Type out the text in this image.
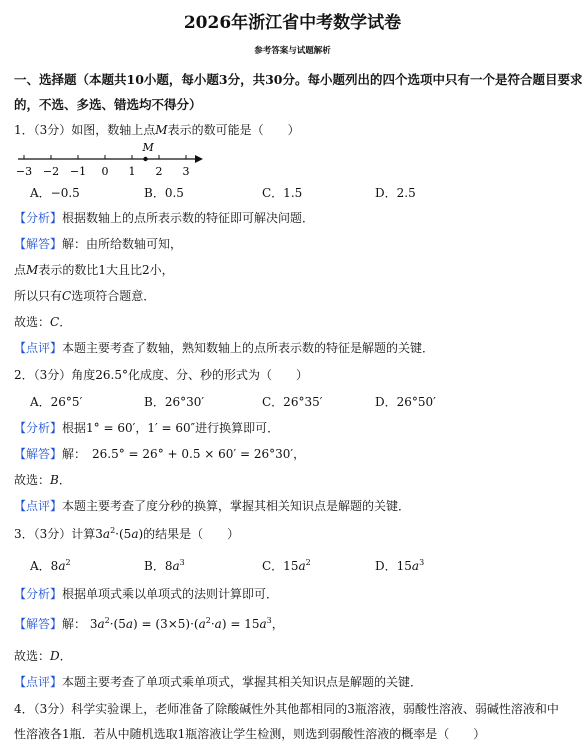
2026年浙江省中考数学试卷
参考答案与试题解析
一、选择题（本题共10小题，每小题3分，共30分。每小题列出的四个选项中只有一个是符合题目要求
的，不选、多选、错选均不得分）
1．（3分）如图，数轴上点M表示的数可能是（　　）
M
−3 −2 −1 0 1 2 3
A．−0.5	B．0.5	C．1.5	D．2.5
【分析】根据数轴上的点所表示数的特征即可解决问题．
【解答】解：由所给数轴可知，
点M表示的数比1大且比2小，
所以只有C选项符合题意．
故选：C．
【点评】本题主要考查了数轴，熟知数轴上的点所表示数的特征是解题的关键．
2．（3分）角度26.5°化成度、分、秒的形式为（　　）
A．26°5′	B．26°30′	C．26°35′	D．26°50′
【分析】根据1° = 60′，1′ = 60″进行换算即可．
【解答】解：　26.5° = 26° + 0.5 × 60′ = 26°30′，
故选：B．
【点评】本题主要考查了度分秒的换算，掌握其相关知识点是解题的关键．
3．（3分）计算$3a^2\cdot(5a)$的结果是（　　）
A．$8a^2$	B．$8a^3$	C．$15a^2$	D．$15a^3$
【分析】根据单项式乘以单项式的法则计算即可．
【解答】解： $3a^2\cdot(5a) = (3\times 5)\cdot(a^2\cdot a) = 15a^3$，
故选：D．
【点评】本题主要考查了单项式乘单项式，掌握其相关知识点是解题的关键．
4．（3分）科学实验课上，老师准备了除酸碱性外其他都相同的3瓶溶液，弱酸性溶液、弱碱性溶液和中
性溶液各1瓶．若从中随机选取1瓶溶液让学生检测，则选到弱酸性溶液的概率是（　　）
